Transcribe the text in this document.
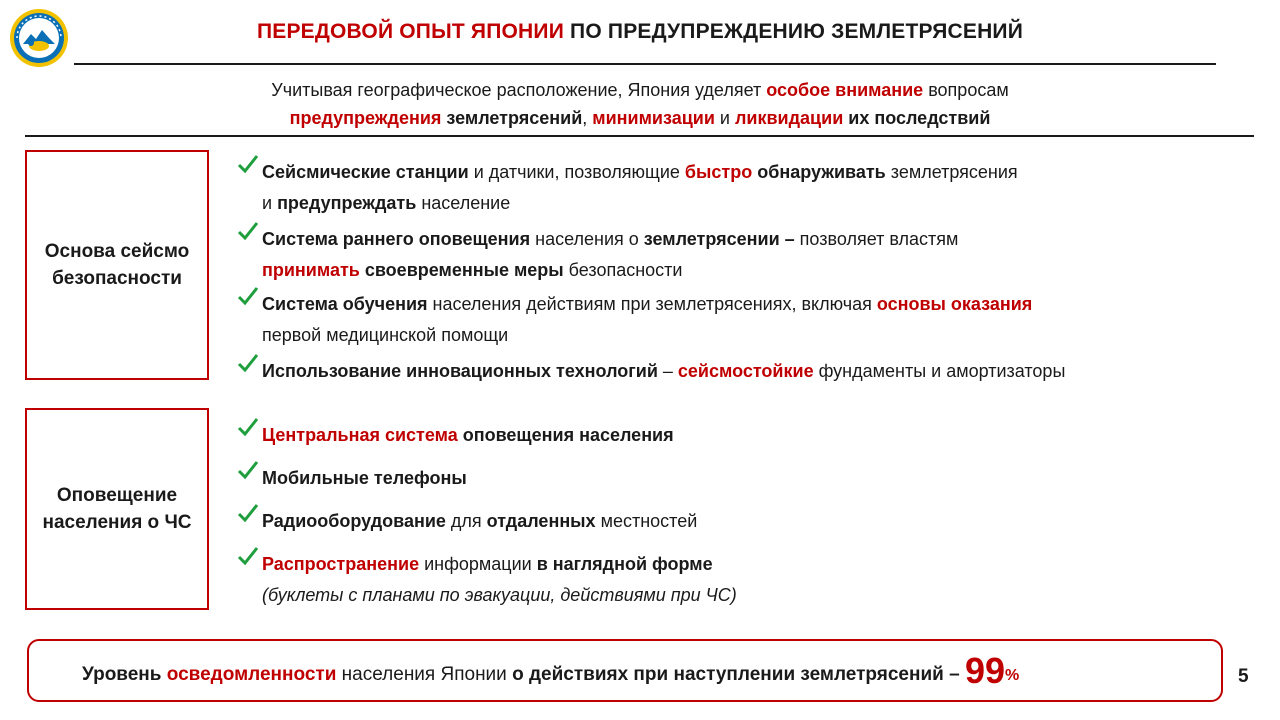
ПЕРЕДОВОЙ ОПЫТ ЯПОНИИ ПО ПРЕДУПРЕЖДЕНИЮ ЗЕМЛЕТРЯСЕНИЙ
Учитывая географическое расположение, Япония уделяет особое внимание вопросам
предупреждения землетрясений, минимизации и ликвидации их последствий
Основа сейсмо безопасности
Сейсмические станции и датчики, позволяющие быстро обнаруживать землетрясения
и предупреждать население
Система раннего оповещения населения о землетрясении – позволяет властям
принимать своевременные меры безопасности
Система обучения населения действиям при землетрясениях, включая основы оказания
первой медицинской помощи
Использование инновационных технологий – сейсмостойкие фундаменты и амортизаторы
Оповещение населения о ЧС
Центральная система оповещения населения
Мобильные телефоны
Радиооборудование для отдаленных местностей
Распространение информации в наглядной форме
(буклеты с планами по эвакуации, действиями при ЧС)
Уровень осведомленности населения Японии о действиях при наступлении землетрясений – 99%	5
